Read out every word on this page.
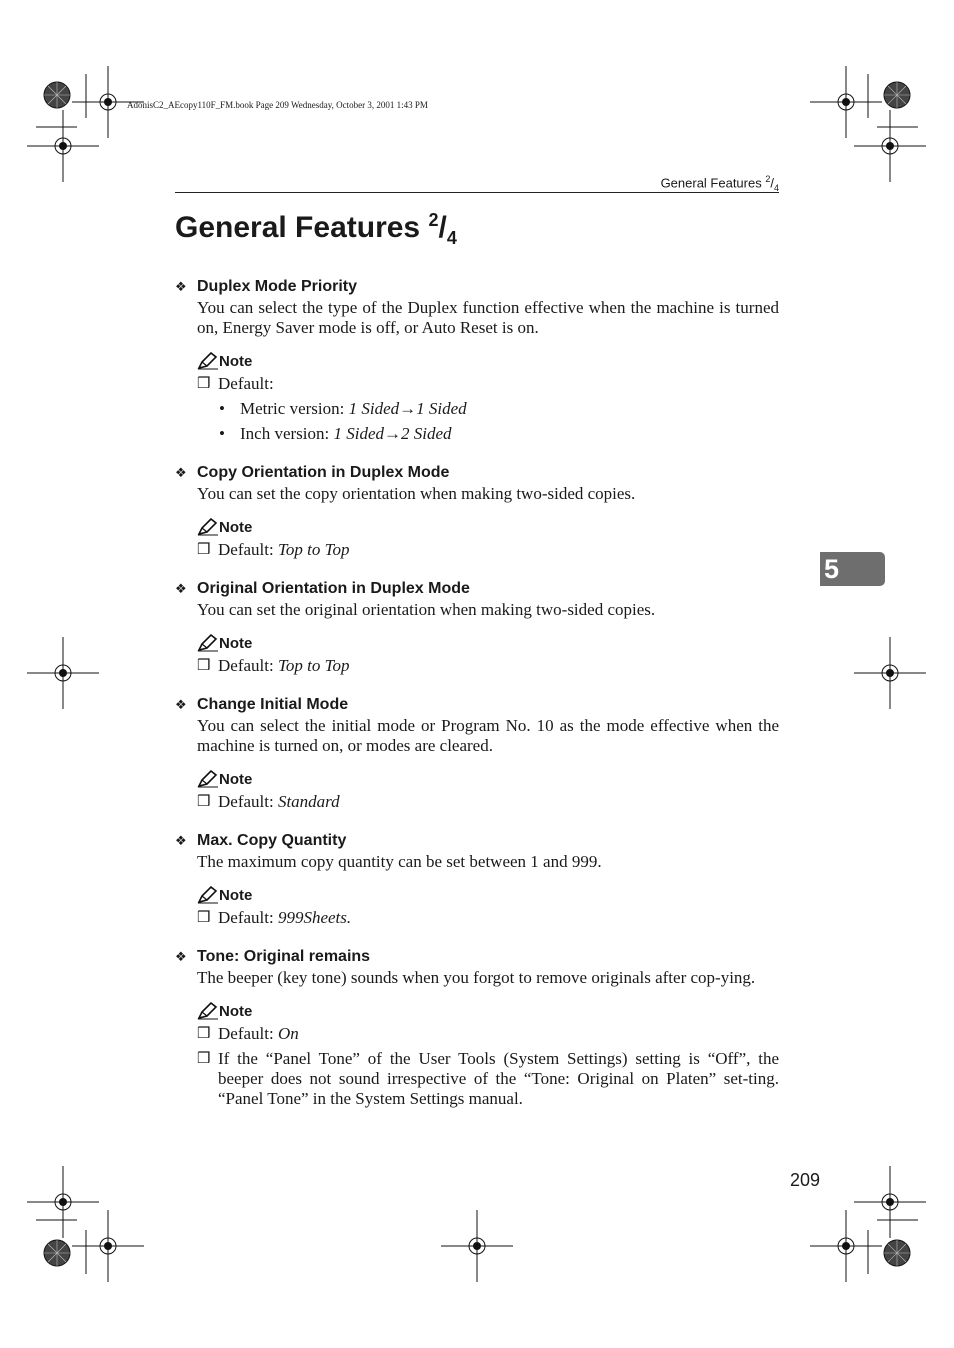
AdonisC2_AEcopy110F_FM.book Page 209 Wednesday, October 3, 2001 1:43 PM
General Features $^2/_4$
General Features $^2/_4$
5
❖ Duplex Mode Priority
You can select the type of the Duplex function effective when the machine is turned on, Energy Saver mode is off, or Auto Reset is on.
Note
❒ Default:
• Metric version: 1 Sided→1 Sided
• Inch version: 1 Sided→2 Sided
❖ Copy Orientation in Duplex Mode
You can set the copy orientation when making two-sided copies.
Note
❒ Default: Top to Top
❖ Original Orientation in Duplex Mode
You can set the original orientation when making two-sided copies.
Note
❒ Default: Top to Top
❖ Change Initial Mode
You can select the initial mode or Program No. 10 as the mode effective when the machine is turned on, or modes are cleared.
Note
❒ Default: Standard
❖ Max. Copy Quantity
The maximum copy quantity can be set between 1 and 999.
Note
❒ Default: 999Sheets.
❖ Tone: Original remains
The beeper (key tone) sounds when you forgot to remove originals after cop-ying.
Note
❒ Default: On
❒ If the “Panel Tone” of the User Tools (System Settings) setting is “Off”, the beeper does not sound irrespective of the “Tone: Original on Platen” set-ting. “Panel Tone” in the System Settings manual.
209
